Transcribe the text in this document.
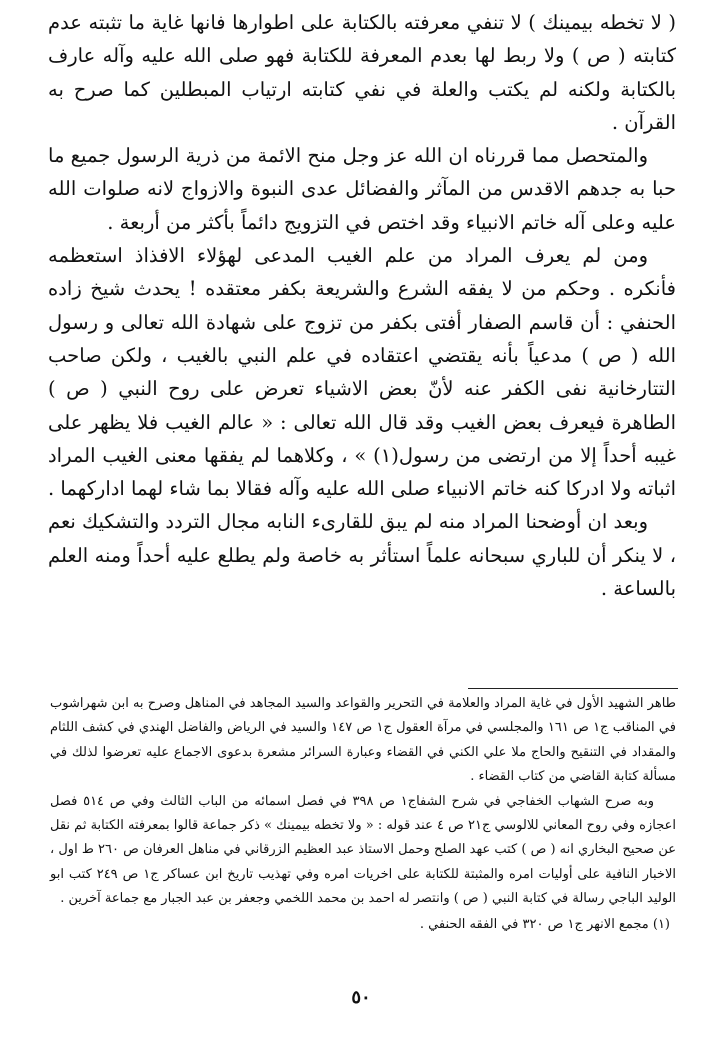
( لا تخطه بيمينك ) لا تنفي معرفته بالكتابة على اطوارها فانها غاية ما تثبته عدم كتابته ( ص ) ولا ربط لها بعدم المعرفة للكتابة فهو صلى الله عليه وآله عارف بالكتابة ولكنه لم يكتب والعلة في نفي كتابته ارتياب المبطلين كما صرح به القرآن .

والمتحصل مما قررناه ان الله عز وجل منح الائمة من ذرية الرسول جميع ما حبا به جدهم الاقدس من المآثر والفضائل عدى النبوة والازواج لانه صلوات الله عليه وعلى آله خاتم الانبياء وقد اختص في التزويج دائماً بأكثر من أربعة .

ومن لم يعرف المراد من علم الغيب المدعى لهؤلاء الافذاذ استعظمه فأنكره . وحكم من لا يفقه الشرع والشريعة بكفر معتقده ! يحدث شيخ زاده الحنفي : أن قاسم الصفار أفتى بكفر من تزوج على شهادة الله تعالى و رسول الله ( ص ) مدعياً بأنه يقتضي اعتقاده في علم النبي بالغيب ، ولكن صاحب التتارخانية نفى الكفر عنه لأنّ بعض الاشياء تعرض على روح النبي ( ص ) الطاهرة فيعرف بعض الغيب وقد قال الله تعالى : « عالم الغيب فلا يظهر على غيبه أحداً إلا من ارتضى من رسول(١) » ، وكلاهما لم يفقها معنى الغيب المراد اثباته ولا ادركا كنه خاتم الانبياء صلى الله عليه وآله فقالا بما شاء لهما اداركهما .

وبعد ان أوضحنا المراد منه لم يبق للقارىء النابه مجال التردد والتشكيك نعم ، لا ينكر أن للباري سبحانه علماً استأثر به خاصة ولم يطلع عليه أحداً ومنه العلم بالساعة .

طاهر الشهيد الأول في غاية المراد والعلامة في التحرير والقواعد والسيد المجاهد في المناهل وصرح به ابن شهراشوب في المناقب ج١ ص ١٦١ والمجلسي في مرآة العقول ج١ ص ١٤٧ والسيد في الرياض والفاضل الهندي في كشف اللثام والمقداد في التنقيح والحاج ملا علي الكني في القضاء وعبارة السرائر مشعرة بدعوى الاجماع عليه تعرضوا لذلك في مسألة كتابة القاضي من كتاب القضاء .

وبه صرح الشهاب الخفاجي في شرح الشفاج١ ص ٣٩٨ في فصل اسمائه من الباب الثالث وفي ص ٥١٤ فصل اعجازه وفي روح المعاني للالوسي ج٢١ ص ٤ عند قوله : « ولا تخطه بيمينك » ذكر جماعة قالوا بمعرفته الكتابة ثم نقل عن صحيح البخاري انه ( ص ) كتب عهد الصلح وحمل الاستاذ عبد العظيم الزرقاني في مناهل العرفان ص ٢٦٠ ط اول ، الاخبار النافية على أوليات امره والمثبتة للكتابة على اخريات امره وفي تهذيب تاريخ ابن عساكر ج١ ص ٢٤٩ كتب ابو الوليد الباجي رسالة في كتابة النبي ( ص ) وانتصر له احمد بن محمد اللخمي وجعفر بن عبد الجبار مع جماعة آخرين .

(١) مجمع الانهر ج١ ص ٣٢٠ في الفقه الحنفي .

٥٠
